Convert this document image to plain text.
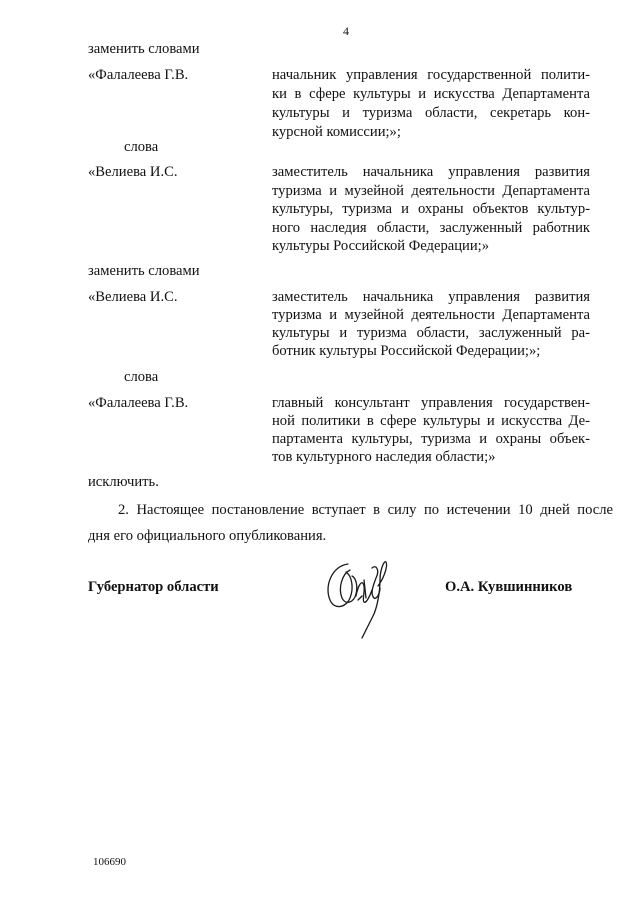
4
заменить словами
«Фалалеева Г.В.	начальник управления государственной полити-
ки в сфере культуры и искусства Департамента
культуры и туризма области, секретарь кон-
курсной комиссии;»;
слова
«Велиева И.С.	заместитель начальника управления развития
туризма и музейной деятельности Департамента
культуры, туризма и охраны объектов культур-
ного наследия области, заслуженный работник
культуры Российской Федерации;»
заменить словами
«Велиева И.С.	заместитель начальника управления развития
туризма и музейной деятельности Департамента
культуры и туризма области, заслуженный ра-
ботник культуры Российской Федерации;»;
слова
«Фалалеева Г.В.	главный консультант управления государствен-
ной политики в сфере культуры и искусства Де-
партамента культуры, туризма и охраны объек-
тов культурного наследия области;»
исключить.
2. Настоящее постановление вступает в силу по истечении 10 дней после
дня его официального опубликования.
Губернатор области	О.А. Кувшинников
106690
